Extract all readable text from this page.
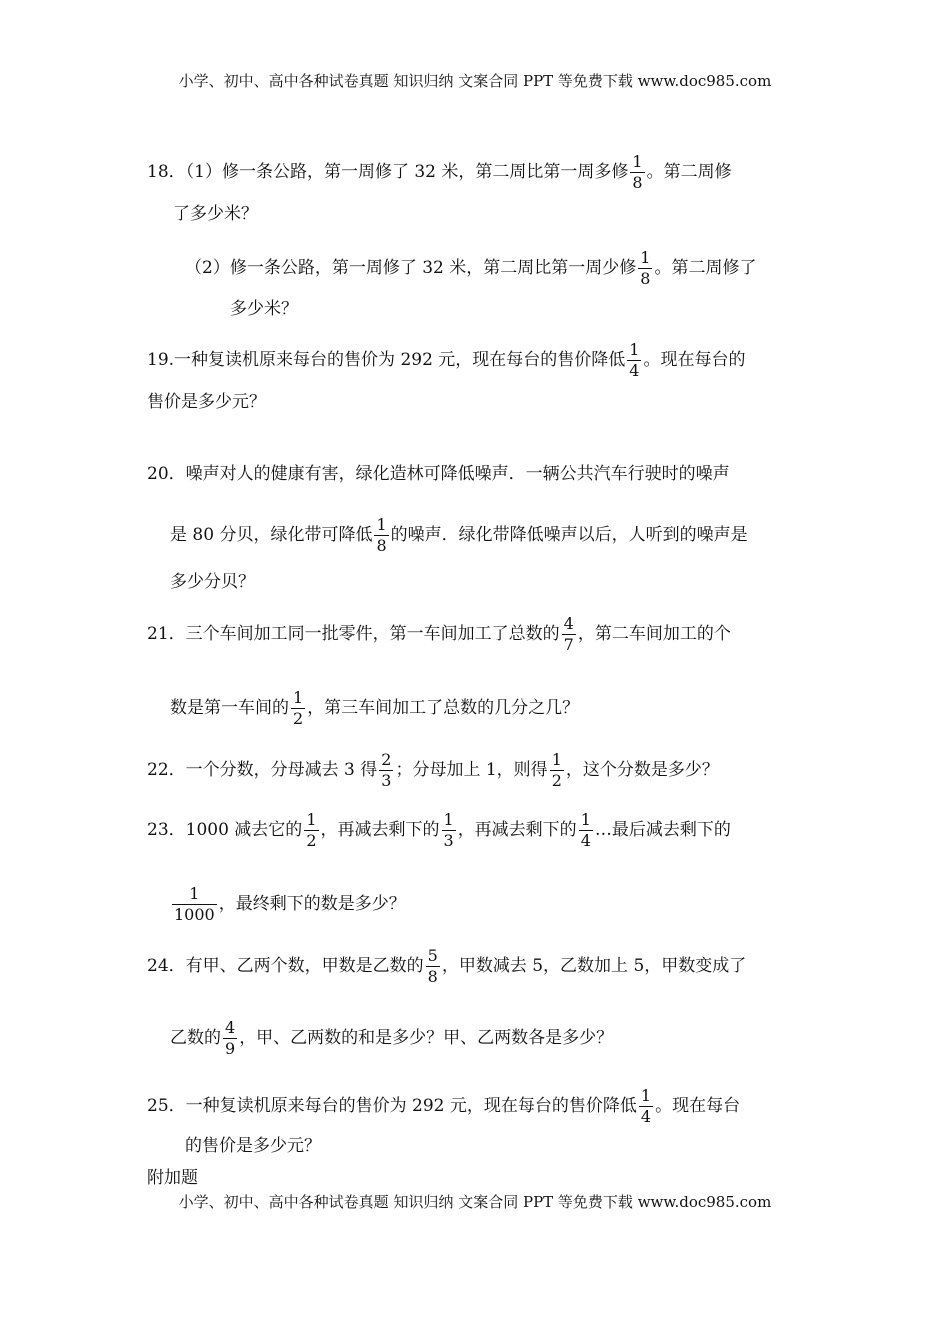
小学、初中、高中各种试卷真题 知识归纳 文案合同 PPT 等免费下载 www.doc985.com
18．（1）修一条公路，第一周修了 32 米，第二周比第一周多修 $\frac{1}{8}$ 。第二周修
了多少米？
（2）修一条公路，第一周修了 32 米，第二周比第一周少修 $\frac{1}{8}$ 。第二周修了
多少米？
19.一种复读机原来每台的售价为 292 元，现在每台的售价降低 $\frac{1}{4}$ 。现在每台的
售价是多少元？
20．噪声对人的健康有害，绿化造林可降低噪声．一辆公共汽车行驶时的噪声
是 80 分贝，绿化带可降低 $\frac{1}{8}$ 的噪声．绿化带降低噪声以后，人听到的噪声是
多少分贝？
21．三个车间加工同一批零件，第一车间加工了总数的 $\frac{4}{7}$ ，第二车间加工的个
数是第一车间的 $\frac{1}{2}$ ，第三车间加工了总数的几分之几？
22．一个分数，分母减去 3 得 $\frac{2}{3}$ ；分母加上 1，则得 $\frac{1}{2}$ ，这个分数是多少？
23．1000 减去它的 $\frac{1}{2}$ ，再减去剩下的 $\frac{1}{3}$ ，再减去剩下的 $\frac{1}{4}$ …最后减去剩下的
$\frac{1}{1000}$ ，最终剩下的数是多少？
24．有甲、乙两个数，甲数是乙数的 $\frac{5}{8}$ ，甲数减去 5，乙数加上 5，甲数变成了
乙数的 $\frac{4}{9}$ ，甲、乙两数的和是多少？甲、乙两数各是多少？
25．一种复读机原来每台的售价为 292 元，现在每台的售价降低 $\frac{1}{4}$ 。现在每台
的售价是多少元？
附加题
小学、初中、高中各种试卷真题 知识归纳 文案合同 PPT 等免费下载 www.doc985.com
